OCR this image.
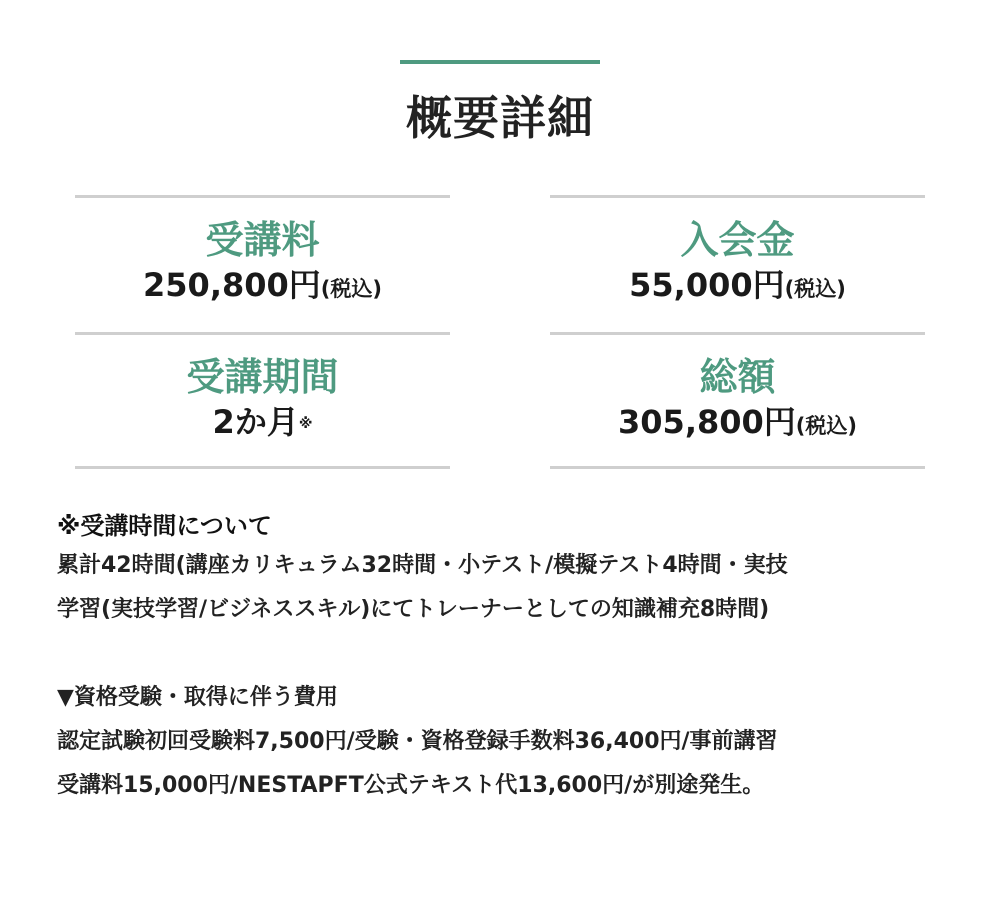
概要詳細
受講料
250,800円(税込)
入会金
55,000円(税込)
受講期間
2か月※
総額
305,800円(税込)
※受講時間について
累計42時間(講座カリキュラム32時間・小テスト/模擬テスト4時間・実技
学習(実技学習/ビジネススキル)にてトレーナーとしての知識補充8時間)
▼資格受験・取得に伴う費用
認定試験初回受験料7,500円/受験・資格登録手数料36,400円/事前講習
受講料15,000円/NESTAPFT公式テキスト代13,600円/が別途発生。
